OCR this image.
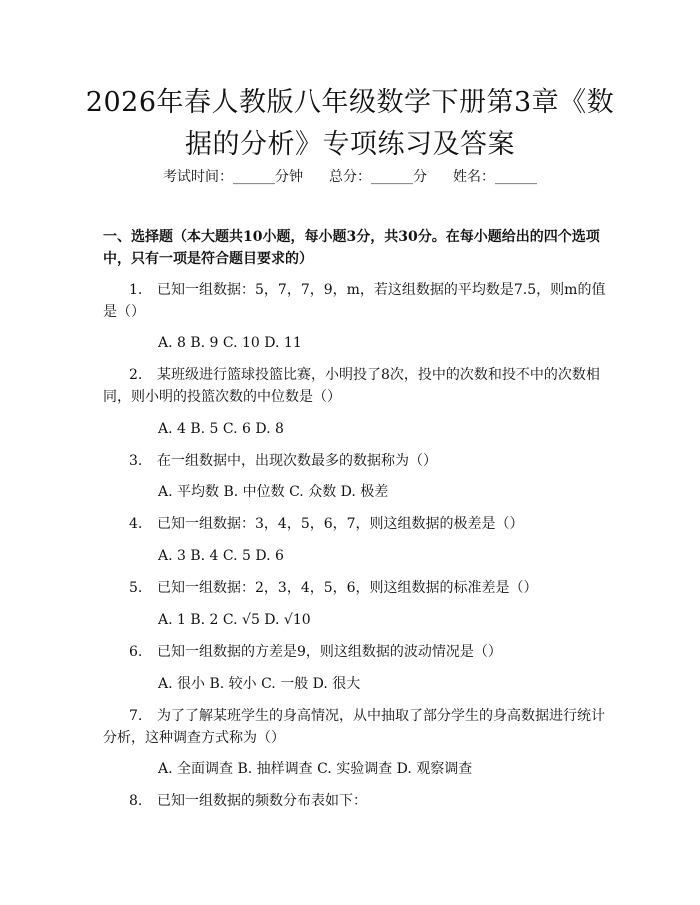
2026年春人教版八年级数学下册第3章《数据的分析》专项练习及答案
考试时间：______分钟 总分：______分 姓名：______
一、选择题（本大题共10小题，每小题3分，共30分。在每小题给出的四个选项中，只有一项是符合题目要求的）
1. 已知一组数据：5，7，7，9，m，若这组数据的平均数是7.5，则m的值是（）
A. 8 B. 9 C. 10 D. 11
2. 某班级进行篮球投篮比赛，小明投了8次，投中的次数和投不中的次数相同，则小明的投篮次数的中位数是（）
A. 4 B. 5 C. 6 D. 8
3. 在一组数据中，出现次数最多的数据称为（）
A. 平均数 B. 中位数 C. 众数 D. 极差
4. 已知一组数据：3，4，5，6，7，则这组数据的极差是（）
A. 3 B. 4 C. 5 D. 6
5. 已知一组数据：2，3，4，5，6，则这组数据的标准差是（）
A. 1 B. 2 C. √5 D. √10
6. 已知一组数据的方差是9，则这组数据的波动情况是（）
A. 很小 B. 较小 C. 一般 D. 很大
7. 为了了解某班学生的身高情况，从中抽取了部分学生的身高数据进行统计分析，这种调查方式称为（）
A. 全面调查 B. 抽样调查 C. 实验调查 D. 观察调查
8. 已知一组数据的频数分布表如下：
